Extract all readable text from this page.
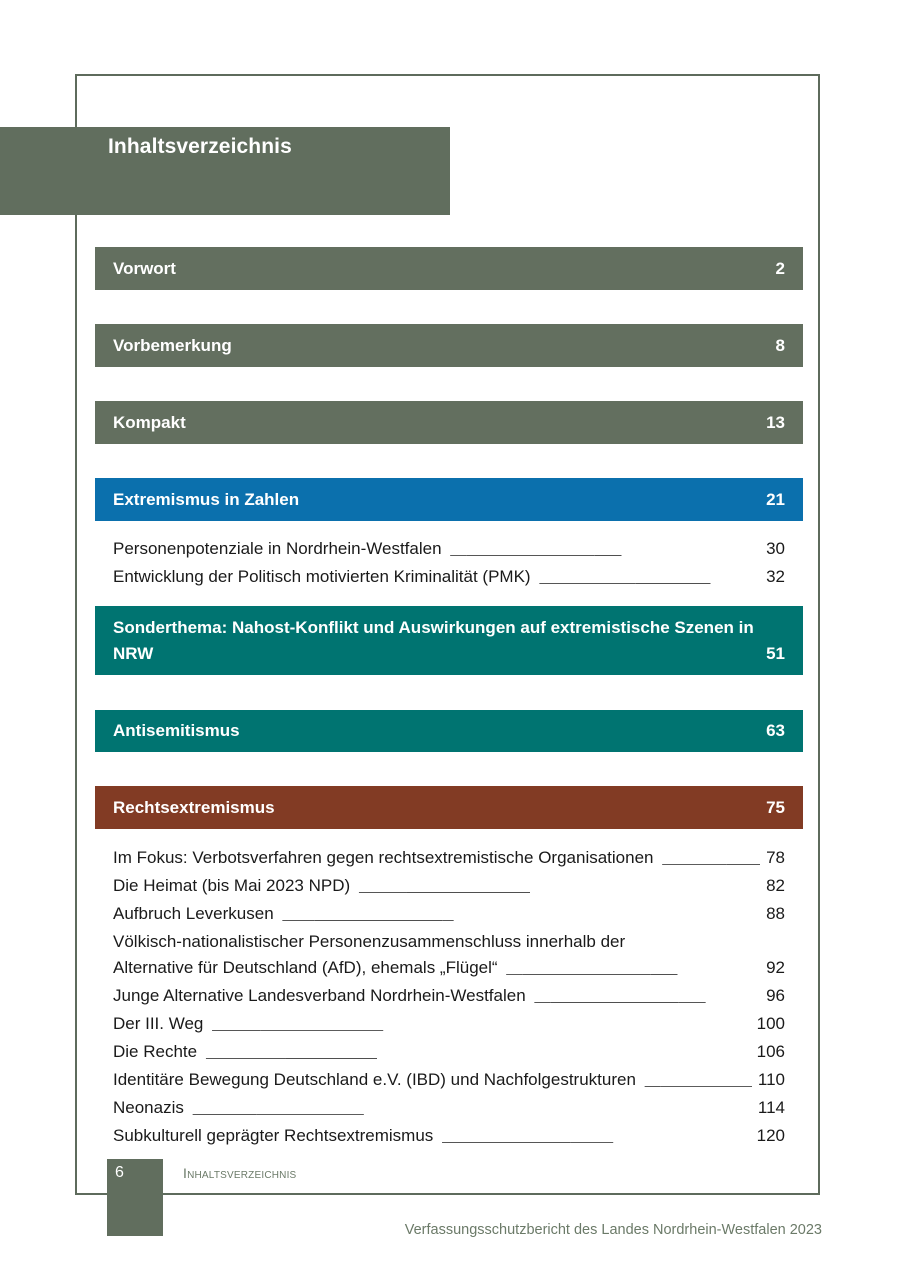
Inhaltsverzeichnis
Vorwort	2
Vorbemerkung	8
Kompakt	13
Extremismus in Zahlen	21
Personenpotenziale in Nordrhein-Westfalen . . .	30
Entwicklung der Politisch motivierten Kriminalität (PMK) . . .	32
Sonderthema: Nahost-Konflikt und Auswirkungen auf extremistische Szenen in
NRW	51
Antisemitismus	63
Rechtsextremismus	75
Im Fokus: Verbotsverfahren gegen rechtsextremistische Organisationen . . .	78
Die Heimat (bis Mai 2023 NPD) . . .	82
Aufbruch Leverkusen . . .	88
Völkisch-nationalistischer Personenzusammenschluss innerhalb der
Alternative für Deutschland (AfD), ehemals „Flügel“ . . .	92
Junge Alternative Landesverband Nordrhein-Westfalen . . .	96
Der III. Weg . . .	100
Die Rechte . . .	106
Identitäre Bewegung Deutschland e.V. (IBD) und Nachfolgestrukturen . . .	110
Neonazis . . .	114
Subkulturell geprägter Rechtsextremismus . . .	120
6	Inhaltsverzeichnis
Verfassungsschutzbericht des Landes Nordrhein-Westfalen 2023
